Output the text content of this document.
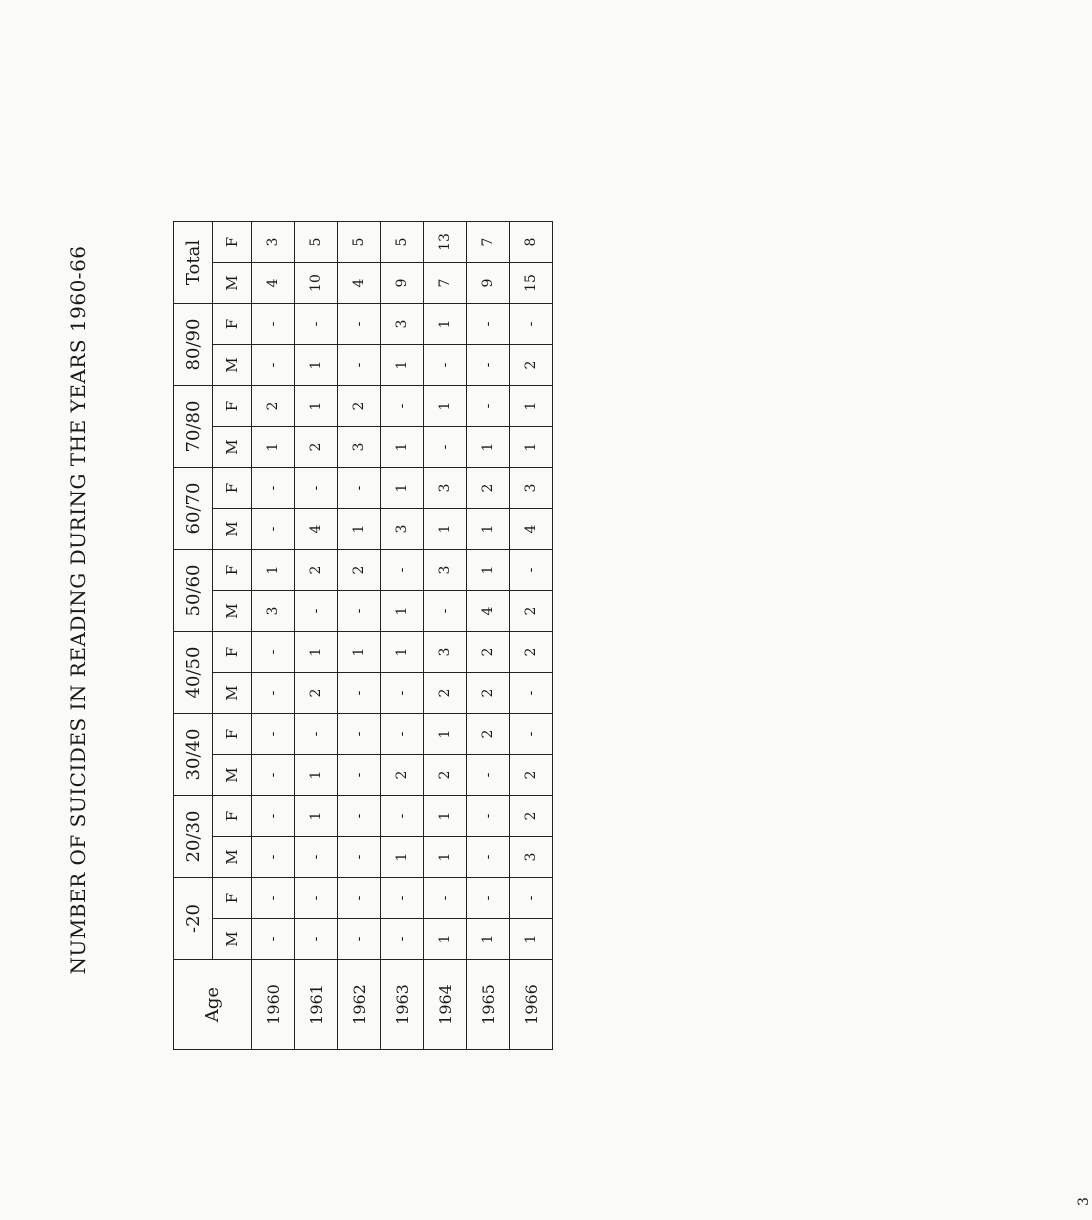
NUMBER OF SUICIDES IN READING DURING THE YEARS 1960-66
Age	-20		20/30		30/40		40/50		50/60		60/70		70/80		80/90		Total	
	M	F	M	F	M	F	M	F	M	F	M	F	M	F	M	F	M	F
1960	-	-	-	-	-	-	-	-	3	1	-	-	1	2	-	-	4	3
1961	-	-	-	1	1	-	2	1	-	2	4	-	2	1	1	-	10	5
1962	-	-	-	-	-	-	-	1	-	2	1	-	3	2	-	-	4	5
1963	-	-	1	-	2	-	-	1	1	-	3	1	1	-	1	3	9	5
1964	1	-	1	1	2	1	2	3	-	3	1	3	-	1	-	1	7	13
1965	1	-	-	-	-	2	2	2	4	1	1	2	1	-	-	-	9	7
1966	1	-	3	2	2	-	-	2	2	-	4	3	1	1	2	-	15	8
3
